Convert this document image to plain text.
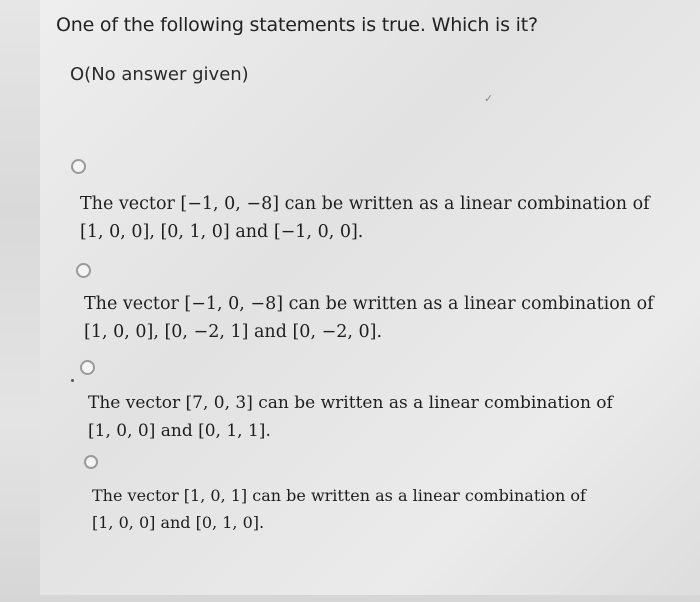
One of the following statements is true. Which is it?
O(No answer given)
✓
The vector [−1, 0, −8] can be written as a linear combination of
[1, 0, 0], [0, 1, 0] and [−1, 0, 0].
The vector [−1, 0, −8] can be written as a linear combination of
[1, 0, 0], [0, −2, 1] and [0, −2, 0].
The vector [7, 0, 3] can be written as a linear combination of
[1, 0, 0] and [0, 1, 1].
The vector [1, 0, 1] can be written as a linear combination of
[1, 0, 0] and [0, 1, 0].
